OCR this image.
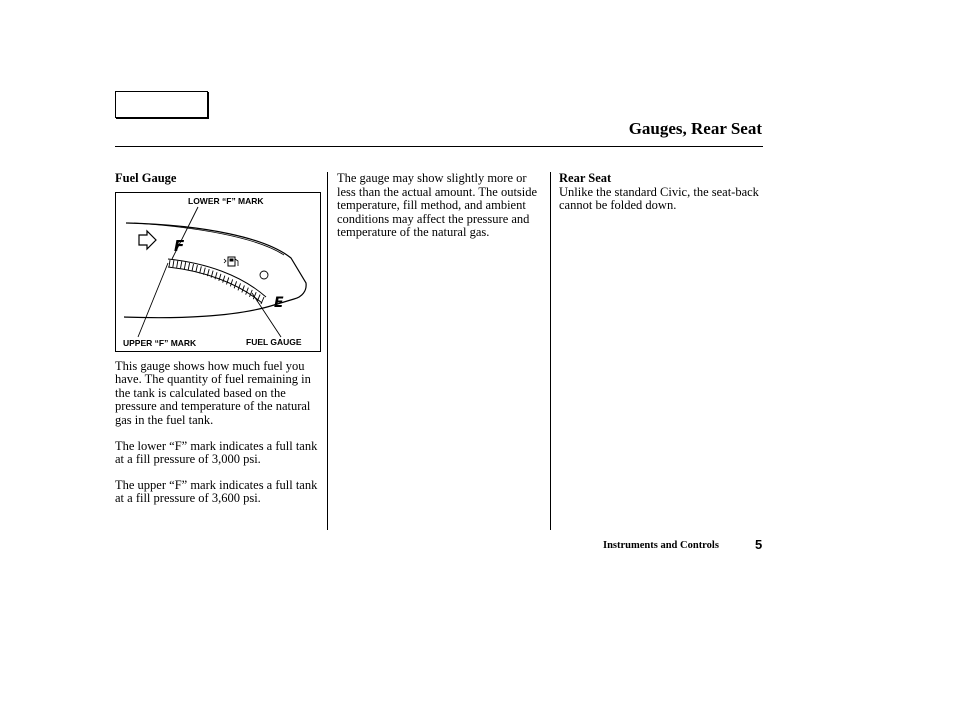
Gauges, Rear Seat

Fuel Gauge

F
E
LOWER “F” MARK
UPPER “F” MARK	FUEL GAUGE

This gauge shows how much fuel you have. The quantity of fuel remaining in the tank is calculated based on the pressure and temperature of the natural gas in the fuel tank.

The lower “F” mark indicates a full tank at a fill pressure of 3,000 psi.

The upper “F” mark indicates a full tank at a fill pressure of 3,600 psi.

The gauge may show slightly more or less than the actual amount. The outside temperature, fill method, and ambient conditions may affect the pressure and temperature of the natural gas.

Rear Seat

Unlike the standard Civic, the seat-back cannot be folded down.

Instruments and Controls	5
